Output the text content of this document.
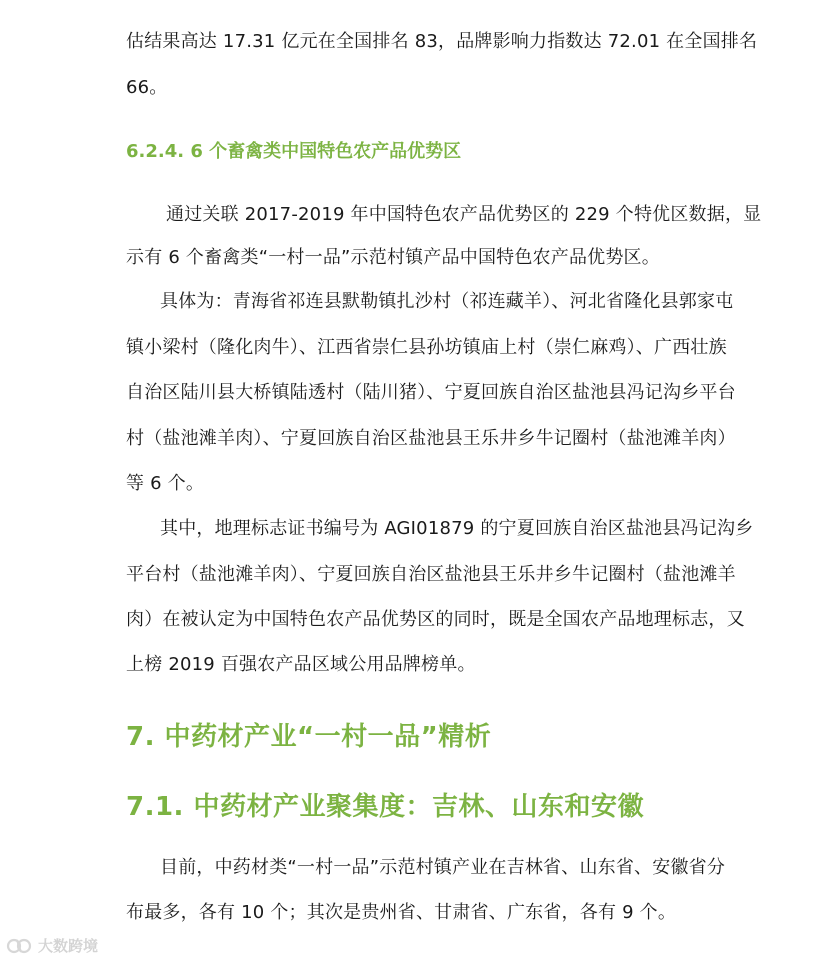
估结果高达 17.31 亿元在全国排名 83，品牌影响力指数达 72.01 在全国排名
66。
6.2.4. 6 个畜禽类中国特色农产品优势区
通过关联 2017-2019 年中国特色农产品优势区的 229 个特优区数据，显
示有 6 个畜禽类“一村一品”示范村镇产品中国特色农产品优势区。
具体为：青海省祁连县默勒镇扎沙村（祁连藏羊）、河北省隆化县郭家屯
镇小梁村（隆化肉牛）、江西省崇仁县孙坊镇庙上村（崇仁麻鸡）、广西壮族
自治区陆川县大桥镇陆透村（陆川猪）、宁夏回族自治区盐池县冯记沟乡平台
村（盐池滩羊肉）、宁夏回族自治区盐池县王乐井乡牛记圈村（盐池滩羊肉）
等 6 个。
其中，地理标志证书编号为 AGI01879 的宁夏回族自治区盐池县冯记沟乡
平台村（盐池滩羊肉）、宁夏回族自治区盐池县王乐井乡牛记圈村（盐池滩羊
肉）在被认定为中国特色农产品优势区的同时，既是全国农产品地理标志，又
上榜 2019 百强农产品区域公用品牌榜单。
7. 中药材产业“一村一品”精析
7.1. 中药材产业聚集度：吉林、山东和安徽
目前，中药材类“一村一品”示范村镇产业在吉林省、山东省、安徽省分
布最多，各有 10 个；其次是贵州省、甘肃省、广东省，各有 9 个。
大数跨境
